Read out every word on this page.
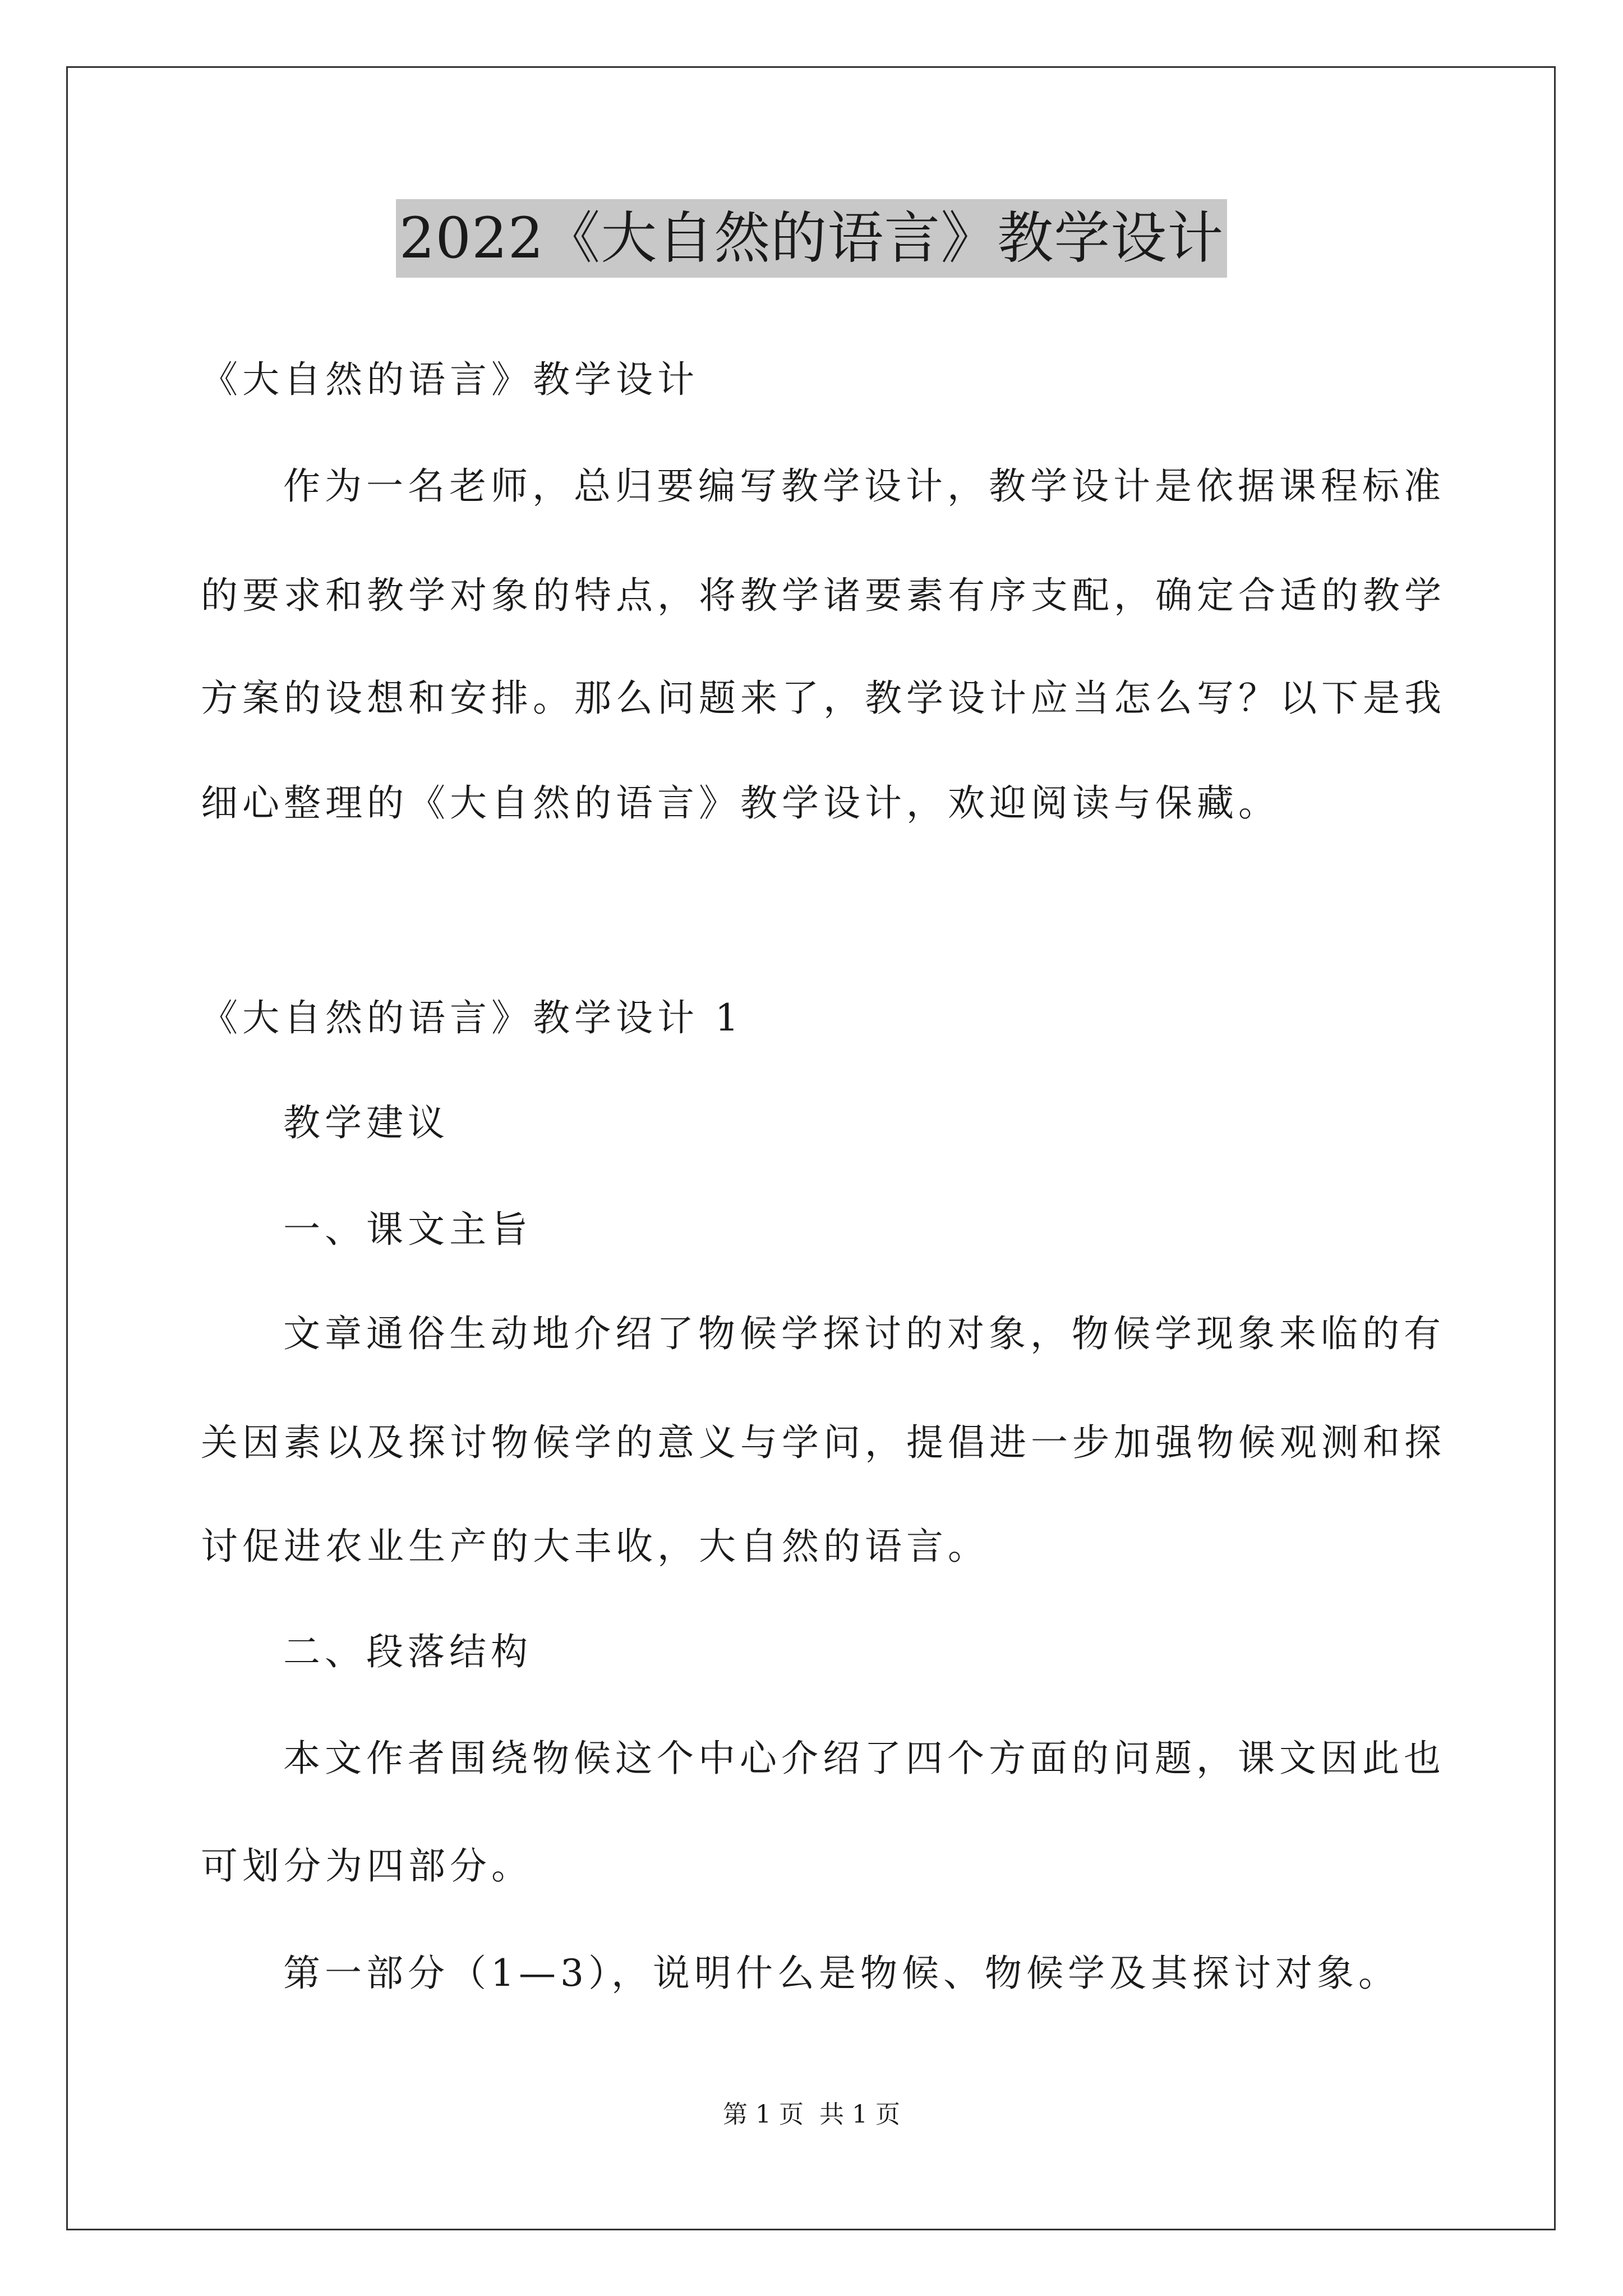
2022《大自然的语言》教学设计
《大自然的语言》教学设计
作为一名老师，总归要编写教学设计，教学设计是依据课程标准
的要求和教学对象的特点，将教学诸要素有序支配，确定合适的教学
方案的设想和安排。那么问题来了，教学设计应当怎么写？以下是我
细心整理的《大自然的语言》教学设计，欢迎阅读与保藏。
《大自然的语言》教学设计 1
教学建议
一、课文主旨
文章通俗生动地介绍了物候学探讨的对象，物候学现象来临的有
关因素以及探讨物候学的意义与学问，提倡进一步加强物候观测和探
讨促进农业生产的大丰收，大自然的语言。
二、段落结构
本文作者围绕物候这个中心介绍了四个方面的问题，课文因此也
可划分为四部分。
第一部分（1—3），说明什么是物候、物候学及其探讨对象。
第 1 页 共 1 页
